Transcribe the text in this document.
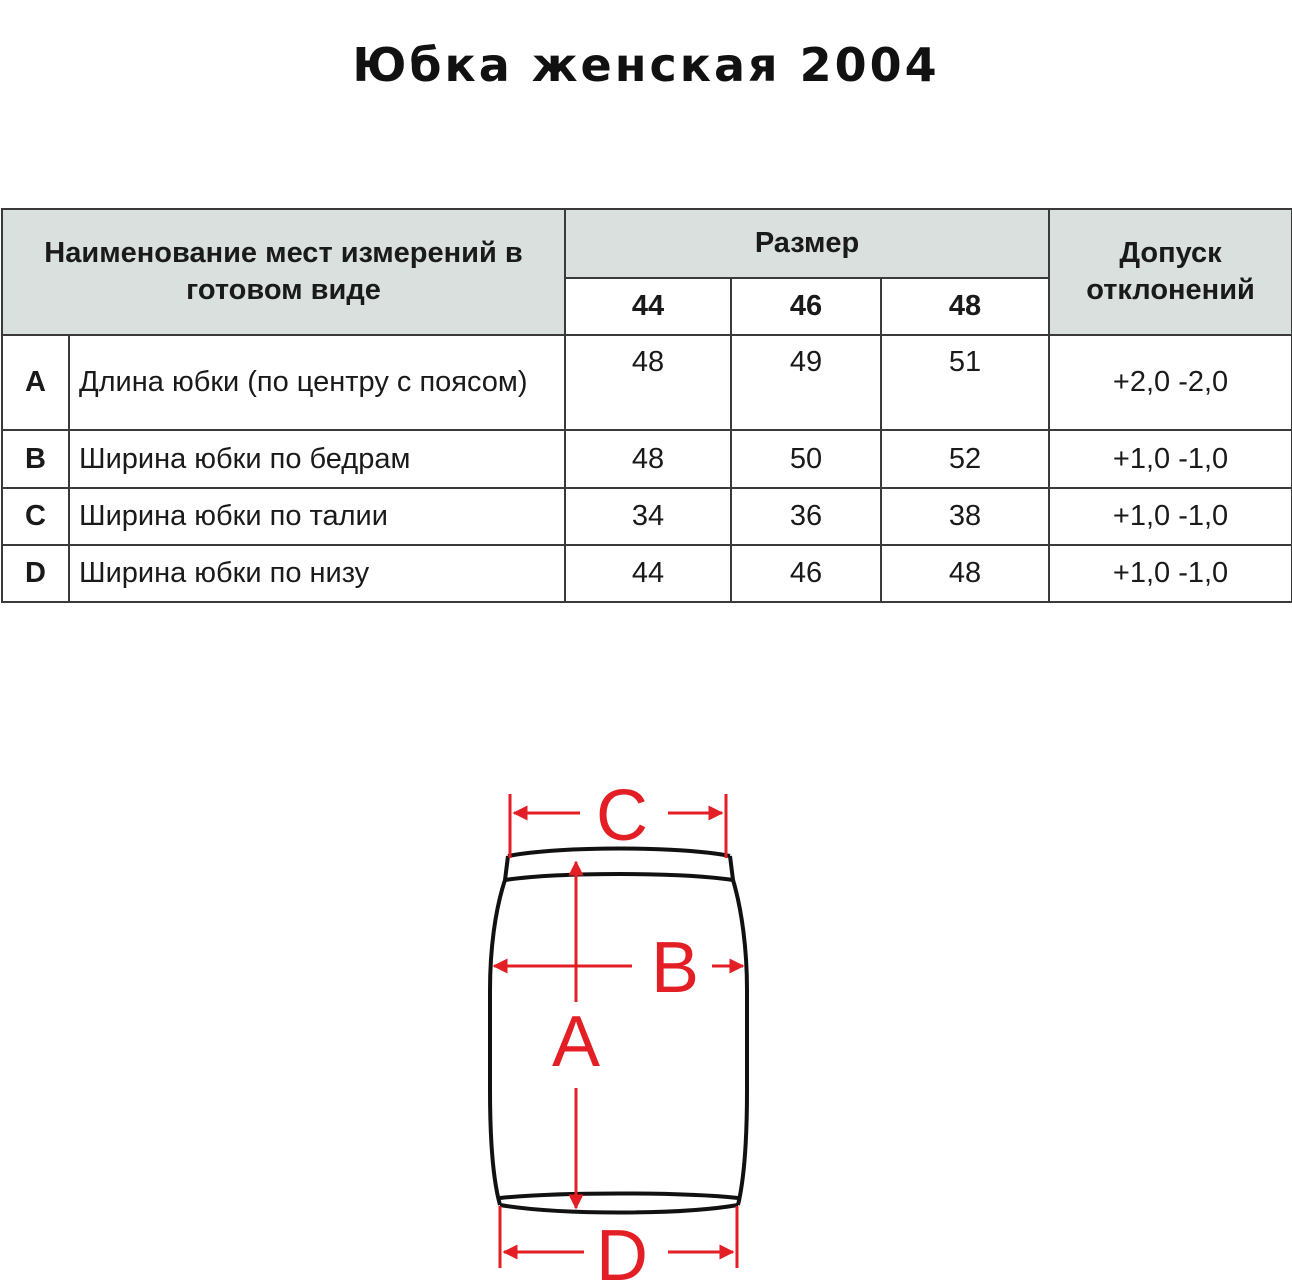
Юбка женская 2004
Наименование мест измерений в готовом виде		Размер			Допуск отклонений
		44	46	48	
A	Длина юбки (по центру с поясом)	48	49	51	+2,0 -2,0
B	Ширина юбки по бедрам	48	50	52	+1,0 -1,0
C	Ширина юбки по талии	34	36	38	+1,0 -1,0
D	Ширина юбки по низу	44	46	48	+1,0 -1,0
C
B
A
D
